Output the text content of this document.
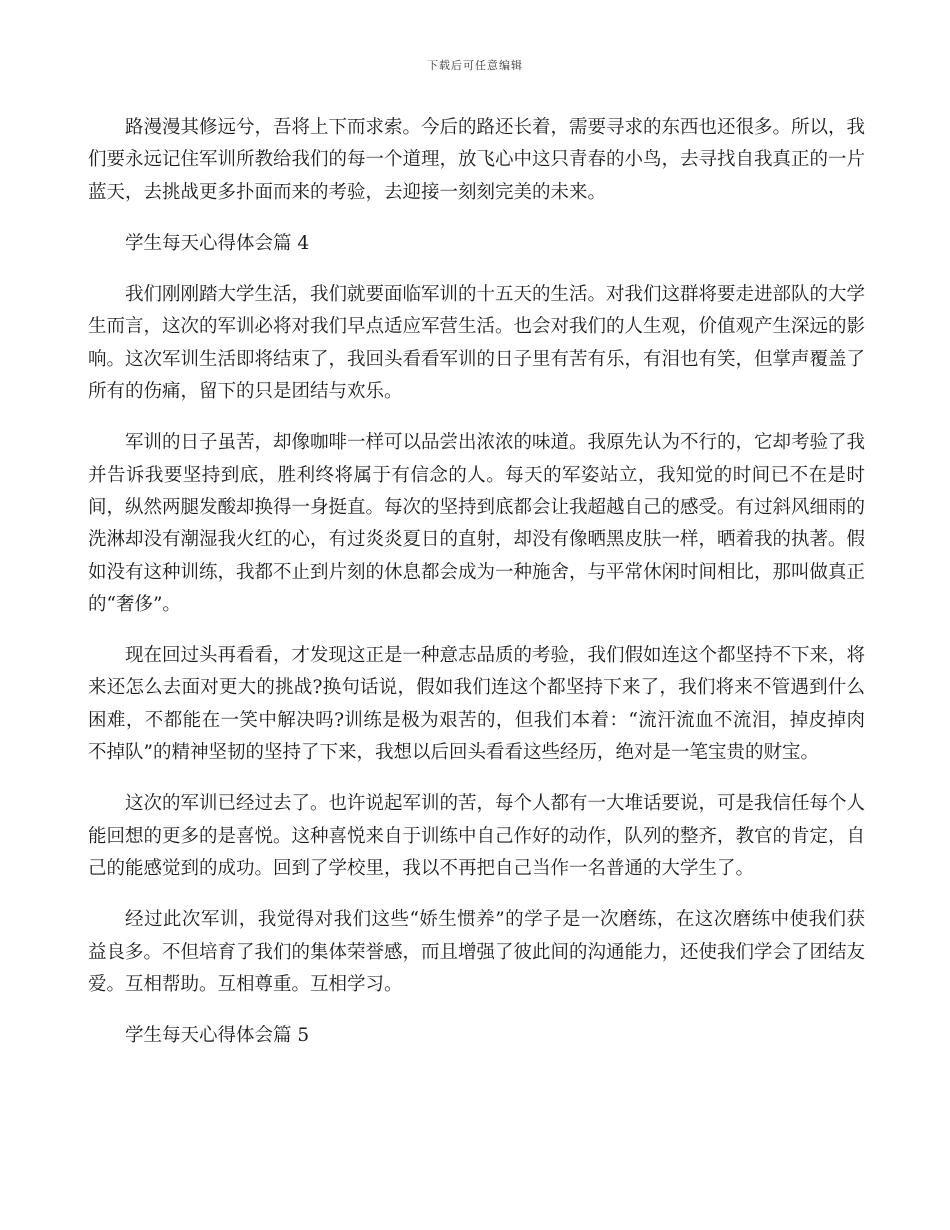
下载后可任意编辑

路漫漫其修远兮，吾将上下而求索。今后的路还长着，需要寻求的东西也还很多。所以，我们要永远记住军训所教给我们的每一个道理，放飞心中这只青春的小鸟，去寻找自我真正的一片蓝天，去挑战更多扑面而来的考验，去迎接一刻刻完美的未来。

学生每天心得体会篇 4

我们刚刚踏大学生活，我们就要面临军训的十五天的生活。对我们这群将要走进部队的大学生而言，这次的军训必将对我们早点适应军营生活。也会对我们的人生观，价值观产生深远的影响。这次军训生活即将结束了，我回头看看军训的日子里有苦有乐，有泪也有笑，但掌声覆盖了所有的伤痛，留下的只是团结与欢乐。

军训的日子虽苦，却像咖啡一样可以品尝出浓浓的味道。我原先认为不行的，它却考验了我并告诉我要坚持到底，胜利终将属于有信念的人。每天的军姿站立，我知觉的时间已不在是时间，纵然两腿发酸却换得一身挺直。每次的坚持到底都会让我超越自己的感受。有过斜风细雨的洗淋却没有潮湿我火红的心，有过炎炎夏日的直射，却没有像晒黑皮肤一样，晒着我的执著。假如没有这种训练，我都不止到片刻的休息都会成为一种施舍，与平常休闲时间相比，那叫做真正的“奢侈”。

现在回过头再看看，才发现这正是一种意志品质的考验，我们假如连这个都坚持不下来，将来还怎么去面对更大的挑战?换句话说，假如我们连这个都坚持下来了，我们将来不管遇到什么困难，不都能在一笑中解决吗?训练是极为艰苦的，但我们本着：“流汗流血不流泪，掉皮掉肉不掉队”的精神坚韧的坚持了下来，我想以后回头看看这些经历，绝对是一笔宝贵的财宝。

这次的军训已经过去了。也许说起军训的苦，每个人都有一大堆话要说，可是我信任每个人能回想的更多的是喜悦。这种喜悦来自于训练中自己作好的动作，队列的整齐，教官的肯定，自己的能感觉到的成功。回到了学校里，我以不再把自己当作一名普通的大学生了。

经过此次军训，我觉得对我们这些“娇生惯养”的学子是一次磨练，在这次磨练中使我们获益良多。不但培育了我们的集体荣誉感，而且增强了彼此间的沟通能力，还使我们学会了团结友爱。互相帮助。互相尊重。互相学习。

学生每天心得体会篇 5
